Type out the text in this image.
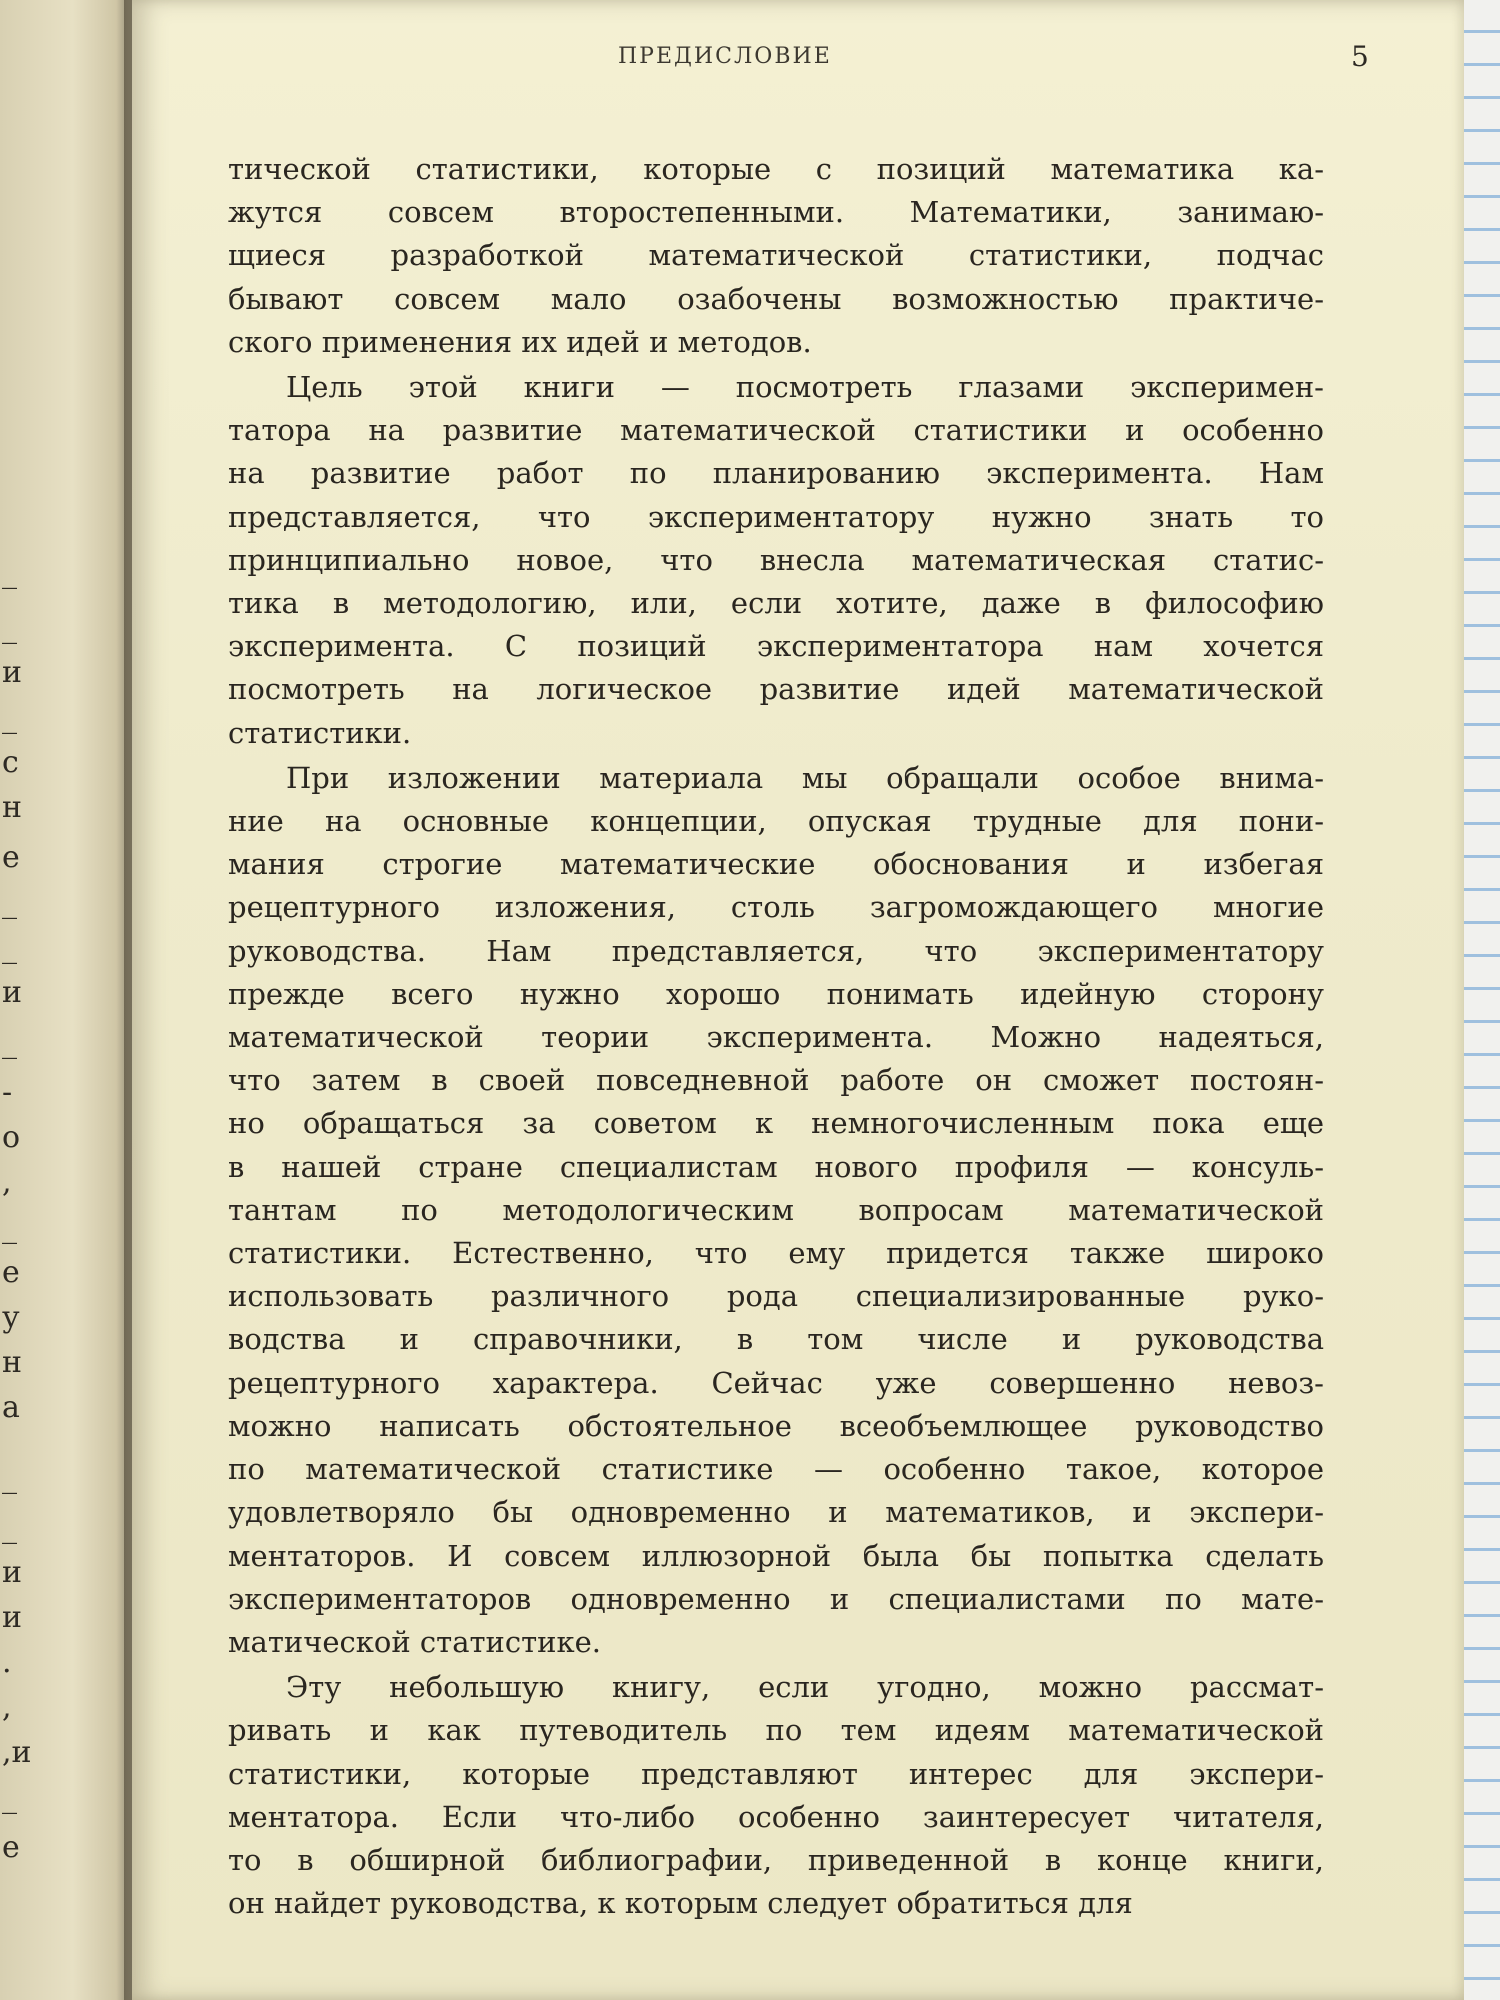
_
_
и
_
с
н
е
_
_
и
_
-
о
,
_
е
у
н
а
_
_
и
и
.
,
,и
_
е
ПРЕДИСЛОВИЕ	5
тической статистики, которые с позиций математика ка-
жутся совсем второстепенными. Математики, занимаю-
щиеся разработкой математической статистики, подчас
бывают совсем мало озабочены возможностью практиче-
ского применения их идей и методов.
Цель этой книги — посмотреть глазами эксперимен-
татора на развитие математической статистики и особенно
на развитие работ по планированию эксперимента. Нам
представляется, что экспериментатору нужно знать то
принципиально новое, что внесла математическая статис-
тика в методологию, или, если хотите, даже в философию
эксперимента. С позиций экспериментатора нам хочется
посмотреть на логическое развитие идей математической
статистики.
При изложении материала мы обращали особое внима-
ние на основные концепции, опуская трудные для пони-
мания строгие математические обоснования и избегая
рецептурного изложения, столь загромождающего многие
руководства. Нам представляется, что экспериментатору
прежде всего нужно хорошо понимать идейную сторону
математической теории эксперимента. Можно надеяться,
что затем в своей повседневной работе он сможет постоян-
но обращаться за советом к немногочисленным пока еще
в нашей стране специалистам нового профиля — консуль-
тантам по методологическим вопросам математической
статистики. Естественно, что ему придется также широко
использовать различного рода специализированные руко-
водства и справочники, в том числе и руководства
рецептурного характера. Сейчас уже совершенно невоз-
можно написать обстоятельное всеобъемлющее руководство
по математической статистике — особенно такое, которое
удовлетворяло бы одновременно и математиков, и экспери-
ментаторов. И совсем иллюзорной была бы попытка сделать
экспериментаторов одновременно и специалистами по мате-
матической статистике.
Эту небольшую книгу, если угодно, можно рассмат-
ривать и как путеводитель по тем идеям математической
статистики, которые представляют интерес для экспери-
ментатора. Если что-либо особенно заинтересует читателя,
то в обширной библиографии, приведенной в конце книги,
он найдет руководства, к которым следует обратиться для
